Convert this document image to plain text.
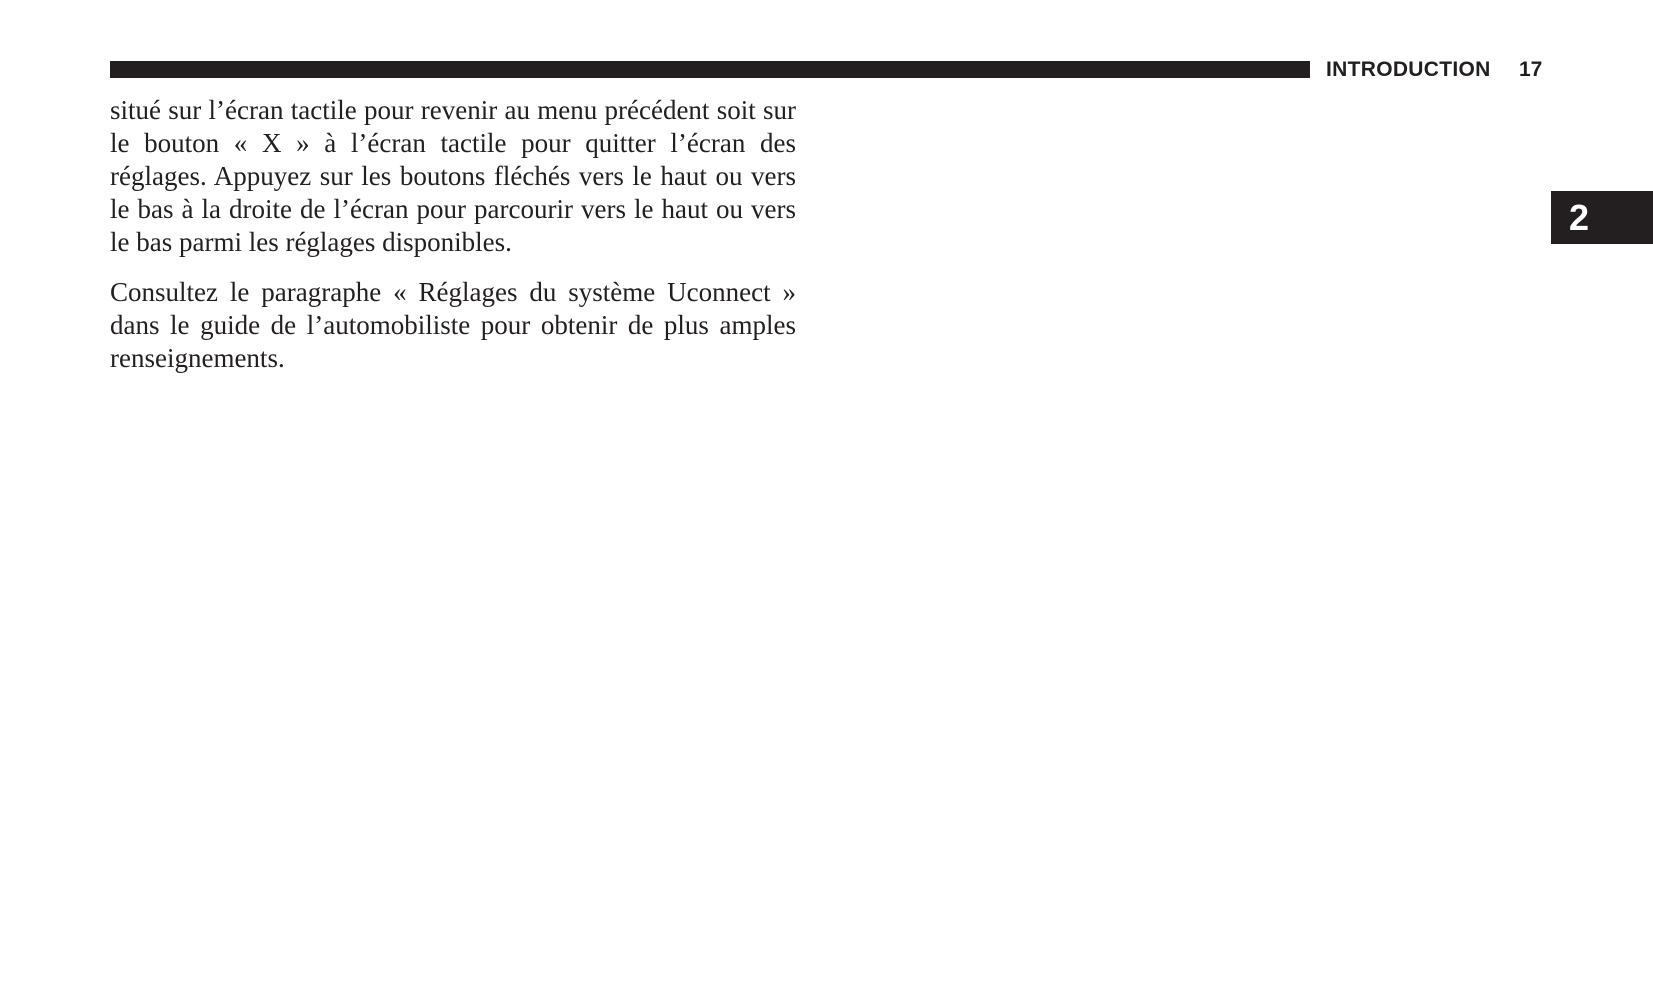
INTRODUCTION 17
2

situé sur l’écran tactile pour revenir au menu précédent soit sur le bouton « X » à l’écran tactile pour quitter l’écran des réglages. Appuyez sur les boutons fléchés vers le haut ou vers le bas à la droite de l’écran pour parcourir vers le haut ou vers le bas parmi les réglages disponibles.

Consultez le paragraphe « Réglages du système Uconnect » dans le guide de l’automobiliste pour obtenir de plus amples renseignements.
